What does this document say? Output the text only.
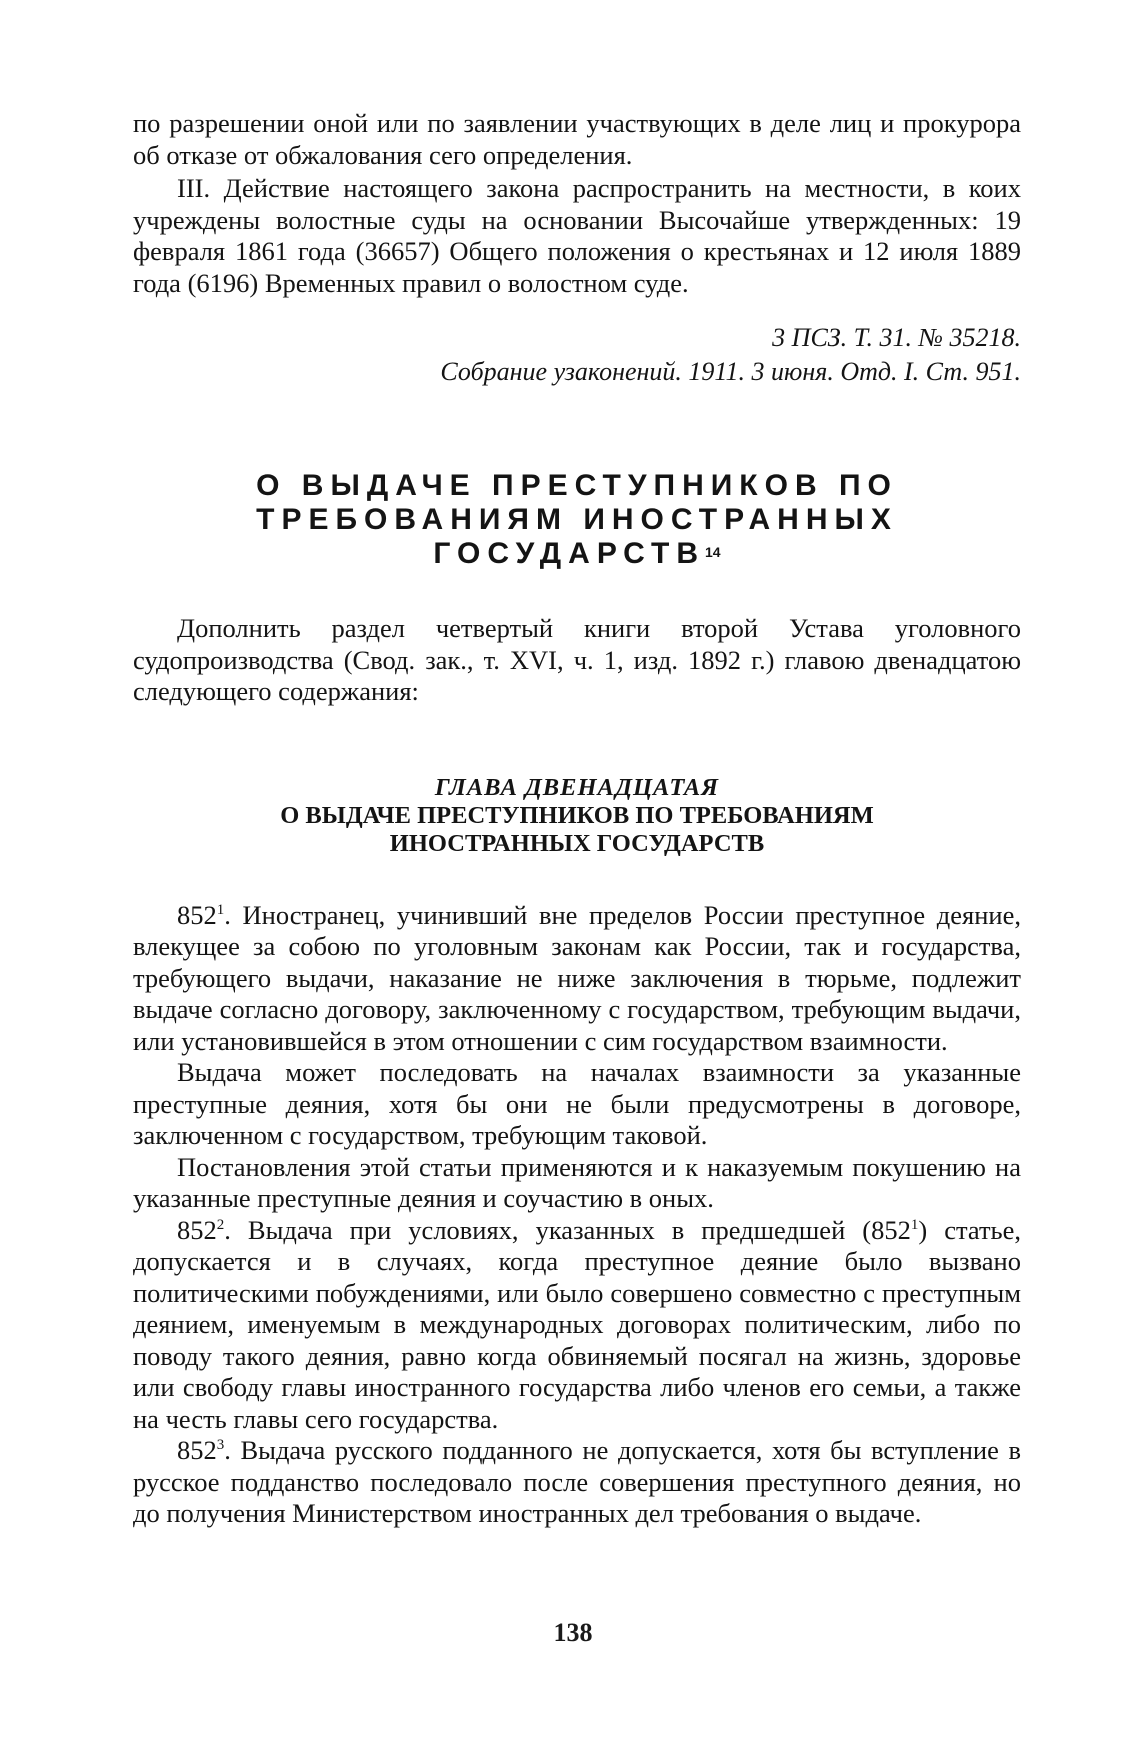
по разрешении оной или по заявлении участвующих в деле лиц и прокурора об отказе от обжалования сего определения.

III. Действие настоящего закона распространить на местности, в коих учреждены волостные суды на основании Высочайше утвержденных: 19 февраля 1861 года (36657) Общего положения о крестьянах и 12 июля 1889 года (6196) Временных правил о волостном суде.

3 ПСЗ. Т. 31. № 35218.
Собрание узаконений. 1911. 3 июня. Отд. I. Ст. 951.
О ВЫДАЧЕ ПРЕСТУПНИКОВ ПО
ТРЕБОВАНИЯМ ИНОСТРАННЫХ
ГОСУДАРСТВ$^{14}$

Дополнить раздел четвертый книги второй Устава уголовного судопроизводства (Свод. зак., т. XVI, ч. 1, изд. 1892 г.) главою двенадцатою следующего содержания:

ГЛАВА ДВЕНАДЦАТАЯ
О ВЫДАЧЕ ПРЕСТУПНИКОВ ПО ТРЕБОВАНИЯМ
ИНОСТРАННЫХ ГОСУДАРСТВ

$852^1$. Иностранец, учинивший вне пределов России преступное деяние, влекущее за собою по уголовным законам как России, так и государства, требующего выдачи, наказание не ниже заключения в тюрьме, подлежит выдаче согласно договору, заключенному с государством, требующим выдачи, или установившейся в этом отношении с сим государством взаимности.

Выдача может последовать на началах взаимности за указанные преступные деяния, хотя бы они не были предусмотрены в договоре, заключенном с государством, требующим таковой.

Постановления этой статьи применяются и к наказуемым покушению на указанные преступные деяния и соучастию в оных.

$852^2$. Выдача при условиях, указанных в предшедшей $(852^1)$ статье, допускается и в случаях, когда преступное деяние было вызвано политическими побуждениями, или было совершено совместно с преступным деянием, именуемым в международных договорах политическим, либо по поводу такого деяния, равно когда обвиняемый посягал на жизнь, здоровье или свободу главы иностранного государства либо членов его семьи, а также на честь главы сего государства.

$852^3$. Выдача русского подданного не допускается, хотя бы вступление в русское подданство последовало после совершения преступного деяния, но до получения Министерством иностранных дел требования о выдаче.

138
